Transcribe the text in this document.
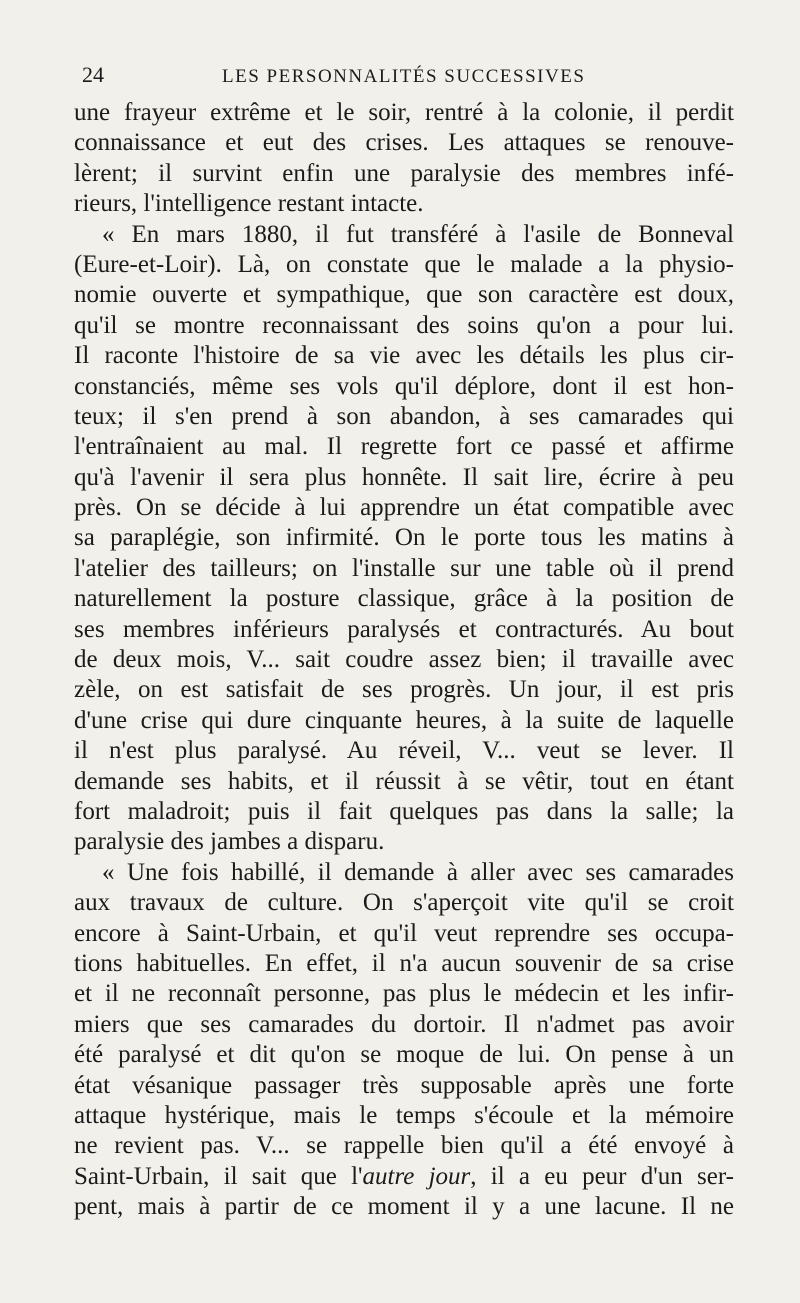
24	LES PERSONNALITÉS SUCCESSIVES
une frayeur extrême et le soir, rentré à la colonie, il perdit
connaissance et eut des crises. Les attaques se renouve-
lèrent; il survint enfin une paralysie des membres infé-
rieurs, l'intelligence restant intacte.
« En mars 1880, il fut transféré à l'asile de Bonneval
(Eure-et-Loir). Là, on constate que le malade a la physio-
nomie ouverte et sympathique, que son caractère est doux,
qu'il se montre reconnaissant des soins qu'on a pour lui.
Il raconte l'histoire de sa vie avec les détails les plus cir-
constanciés, même ses vols qu'il déplore, dont il est hon-
teux; il s'en prend à son abandon, à ses camarades qui
l'entraînaient au mal. Il regrette fort ce passé et affirme
qu'à l'avenir il sera plus honnête. Il sait lire, écrire à peu
près. On se décide à lui apprendre un état compatible avec
sa paraplégie, son infirmité. On le porte tous les matins à
l'atelier des tailleurs; on l'installe sur une table où il prend
naturellement la posture classique, grâce à la position de
ses membres inférieurs paralysés et contracturés. Au bout
de deux mois, V... sait coudre assez bien; il travaille avec
zèle, on est satisfait de ses progrès. Un jour, il est pris
d'une crise qui dure cinquante heures, à la suite de laquelle
il n'est plus paralysé. Au réveil, V... veut se lever. Il
demande ses habits, et il réussit à se vêtir, tout en étant
fort maladroit; puis il fait quelques pas dans la salle; la
paralysie des jambes a disparu.
« Une fois habillé, il demande à aller avec ses camarades
aux travaux de culture. On s'aperçoit vite qu'il se croit
encore à Saint-Urbain, et qu'il veut reprendre ses occupa-
tions habituelles. En effet, il n'a aucun souvenir de sa crise
et il ne reconnaît personne, pas plus le médecin et les infir-
miers que ses camarades du dortoir. Il n'admet pas avoir
été paralysé et dit qu'on se moque de lui. On pense à un
état vésanique passager très supposable après une forte
attaque hystérique, mais le temps s'écoule et la mémoire
ne revient pas. V... se rappelle bien qu'il a été envoyé à
Saint-Urbain, il sait que l'autre jour, il a eu peur d'un ser-
pent, mais à partir de ce moment il y a une lacune. Il ne
